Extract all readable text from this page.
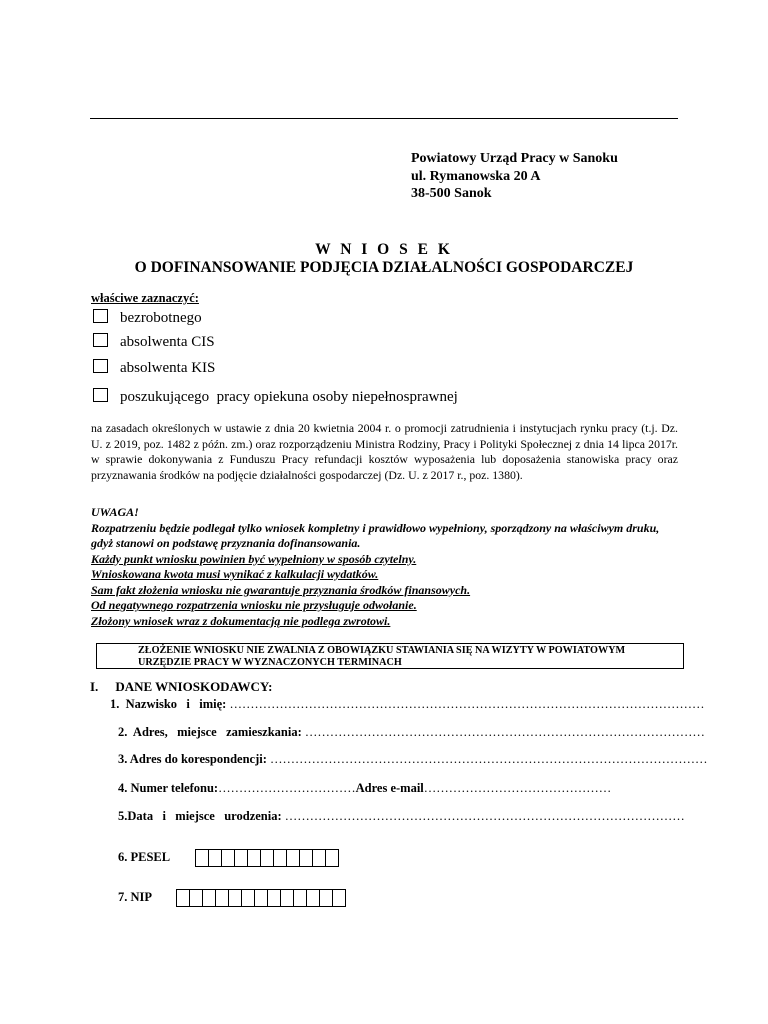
Powiatowy Urząd Pracy w Sanoku
ul. Rymanowska 20 A
38-500 Sanok
W N I O S E K
O DOFINANSOWANIE PODJĘCIA DZIAŁALNOŚCI GOSPODARCZEJ
właściwe zaznaczyć:
bezrobotnego
absolwenta CIS
absolwenta KIS
poszukującego  pracy opiekuna osoby niepełnosprawnej
na zasadach określonych w ustawie z dnia 20 kwietnia 2004 r. o promocji zatrudnienia i instytucjach rynku pracy (t.j. Dz. U. z 2019, poz. 1482 z późn. zm.) oraz rozporządzeniu Ministra Rodziny, Pracy i Polityki Społecznej z dnia 14 lipca 2017r. w sprawie dokonywania z Funduszu Pracy refundacji kosztów wyposażenia lub doposażenia stanowiska pracy oraz przyznawania środków na podjęcie działalności gospodarczej (Dz. U. z 2017 r., poz. 1380).
UWAGA!
Rozpatrzeniu będzie podlegał tylko wniosek kompletny i prawidłowo wypełniony, sporządzony na właściwym druku, gdyż stanowi on podstawę przyznania dofinansowania.
Każdy punkt wniosku powinien być wypełniony w sposób czytelny.
Wnioskowana kwota musi wynikać z kalkulacji wydatków.
Sam fakt złożenia wniosku nie gwarantuje przyznania środków finansowych.
Od negatywnego rozpatrzenia wniosku nie przysługuje odwołanie.
Złożony wniosek wraz z dokumentacją nie podlega zwrotowi.
ZŁOŻENIE WNIOSKU NIE ZWALNIA Z OBOWIĄZKU STAWIANIA SIĘ NA WIZYTY W POWIATOWYM
URZĘDZIE PRACY W WYZNACZONYCH TERMINACH
I. DANE WNIOSKODAWCY:
1.  Nazwisko   i   imię: ……………………………………………………………………………………………………
2.  Adres,   miejsce   zamieszkania: ……………………………………………………………………………………
3. Adres do korespondencji: ……………………………………………………………………………………………
4. Numer telefonu:……………………………Adres e-mail………………………………………
5.Data   i   miejsce   urodzenia: ……………………………………………………………………………………
6. PESEL
7. NIP
